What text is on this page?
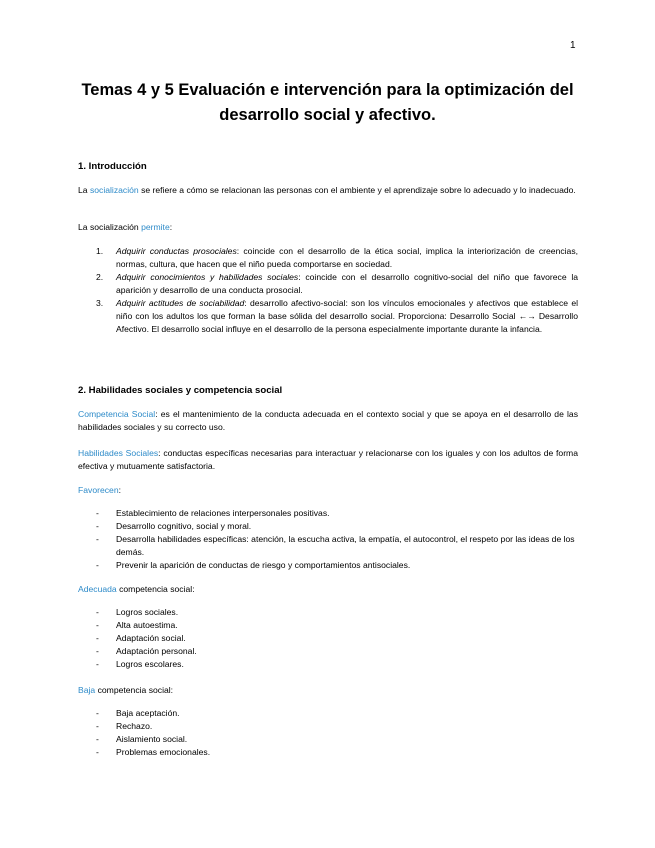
1
Temas 4 y 5 Evaluación e intervención para la optimización del desarrollo social y afectivo.
1. Introducción
La socialización se refiere a cómo se relacionan las personas con el ambiente y el aprendizaje sobre lo adecuado y lo inadecuado.
La socialización permite:
1. Adquirir conductas prosociales: coincide con el desarrollo de la ética social, implica la interiorización de creencias, normas, cultura, que hacen que el niño pueda comportarse en sociedad.
2. Adquirir conocimientos y habilidades sociales: coincide con el desarrollo cognitivo-social del niño que favorece la aparición y desarrollo de una conducta prosocial.
3. Adquirir actitudes de sociabilidad: desarrollo afectivo-social: son los vínculos emocionales y afectivos que establece el niño con los adultos los que forman la base sólida del desarrollo social. Proporciona: Desarrollo Social ←→ Desarrollo Afectivo. El desarrollo social influye en el desarrollo de la persona especialmente importante durante la infancia.
2. Habilidades sociales y competencia social
Competencia Social: es el mantenimiento de la conducta adecuada en el contexto social y que se apoya en el desarrollo de las habilidades sociales y su correcto uso.
Habilidades Sociales: conductas específicas necesarias para interactuar y relacionarse con los iguales y con los adultos de forma efectiva y mutuamente satisfactoria.
Favorecen:
- Establecimiento de relaciones interpersonales positivas.
- Desarrollo cognitivo, social y moral.
- Desarrolla habilidades específicas: atención, la escucha activa, la empatía, el autocontrol, el respeto por las ideas de los demás.
- Prevenir la aparición de conductas de riesgo y comportamientos antisociales.
Adecuada competencia social:
- Logros sociales.
- Alta autoestima.
- Adaptación social.
- Adaptación personal.
- Logros escolares.
Baja competencia social:
- Baja aceptación.
- Rechazo.
- Aislamiento social.
- Problemas emocionales.
